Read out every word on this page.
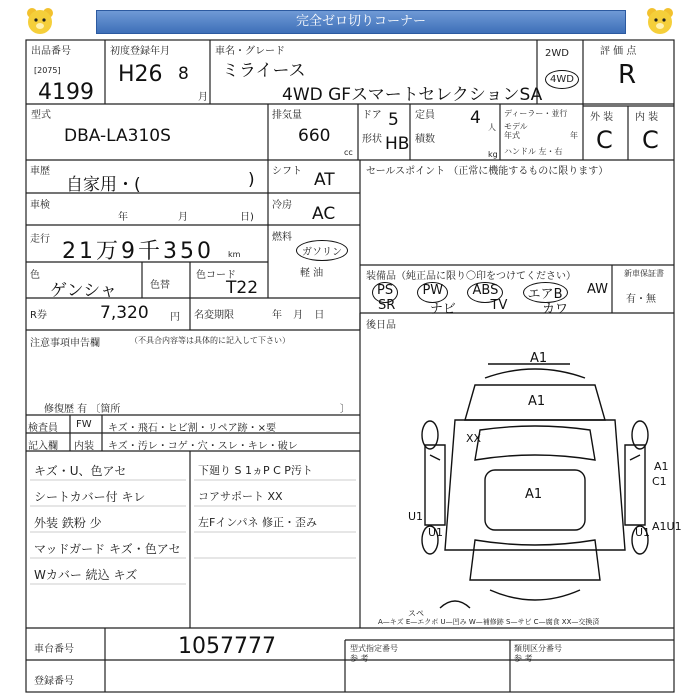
完全ゼロ切りコーナー
出品番号
[2075]
4199
初度登録年月
H26 8
月
車名・グレード
ミライース
4WD GFスマートセレクションSA
2WD
4WD
評 価 点
R
外 装 内 装
C C
型式
DBA-LA310S
排気量
660
cc
ドア 5
形状 HB
定員 4 人
積数
kg
ディーラー・並行
モデル
年式	年
ハンドル 左・右
車歴
自家用・(	) シフト AT
車検
年	月	日)
冷房 AC
走行 21万9千350 km
燃料
ガソリン
軽 油
色
ゲンシャ	色替
色コード
T22
R券	7,320 円 名変期限	年 月 日
セールスポイント （正常に機能するものに限ります）
装備品（純正品に限り〇印をつけてください）
PS	PW	ABS	エアB	AW
SR	ナビ	TV	カワ
新車保証書
有・無
後日品
注意事項申告欄	（不具合内容等は具体的に記入して下さい）
修復歴 有 〔箇所	〕
検査員 FW キズ・飛石・ヒビ割・リペア跡・×要
記入欄 内装 キズ・汚レ・コゲ・穴・スレ・キレ・破レ
キズ・U、色アセ
シートカバー付 キレ
外装 鉄粉 少
マッドガード キズ・色アセ
Wカバー 続込 キズ
下廻り S 1ヵP C P汚ト
コアサポート XX
左Fインパネ 修正・歪み
A1
A1
A1
XX
A1
C1
U1
A1U1
U1	U1
スペ
A—キズ E—エクボ U—凹み W—補修跡 S—サビ C—腐食 XX—交換済
車台番号	1057777
登録番号
型式指定番号
参 考
類別区分番号
参 考
